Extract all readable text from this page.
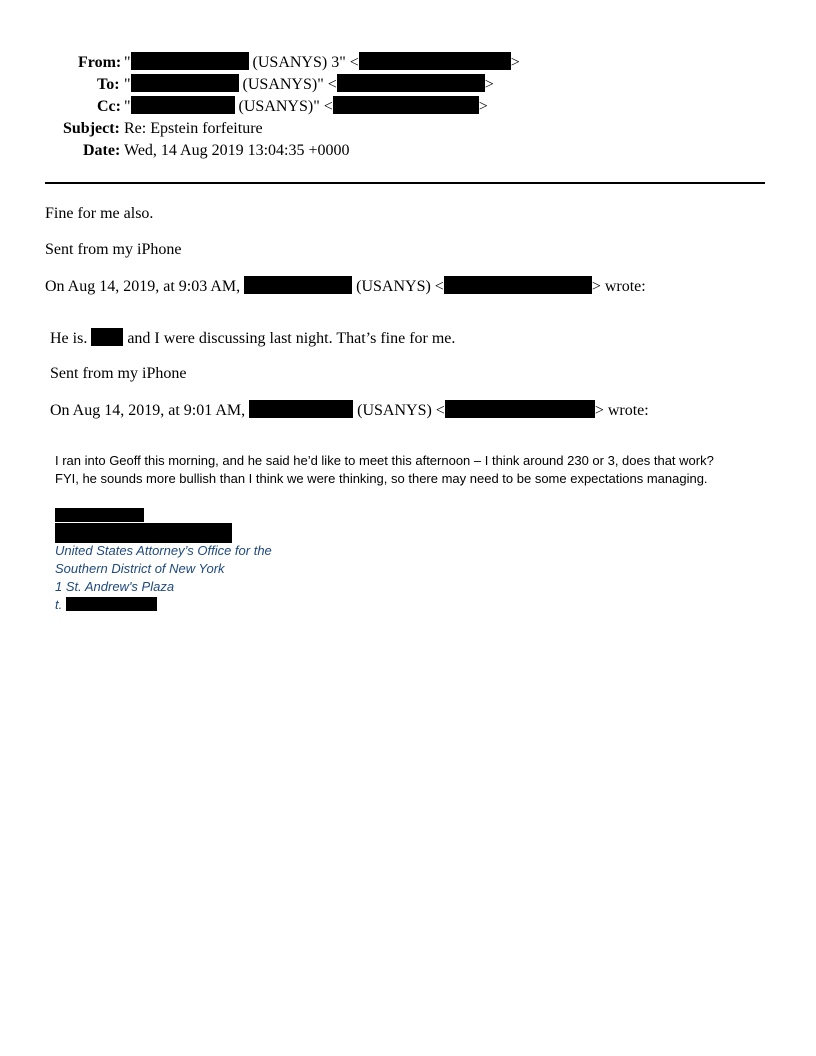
From: "	(USANYS) 3" <	>
To: "	(USANYS)" <	>
Cc: "	(USANYS)" <	>
Subject: Re: Epstein forfeiture
Date: Wed, 14 Aug 2019 13:04:35 +0000
Fine for me also.
Sent from my iPhone
On Aug 14, 2019, at 9:03 AM,	(USANYS) <	> wrote:
He is.	and I were discussing last night. That’s fine for me.
Sent from my iPhone
On Aug 14, 2019, at 9:01 AM,	(USANYS) <	> wrote:
I ran into Geoff this morning, and he said he’d like to meet this afternoon – I think around 230 or 3, does that work?
FYI, he sounds more bullish than I think we were thinking, so there may need to be some expectations managing.
United States Attorney’s Office for the
Southern District of New York
1 St. Andrew's Plaza
t.
